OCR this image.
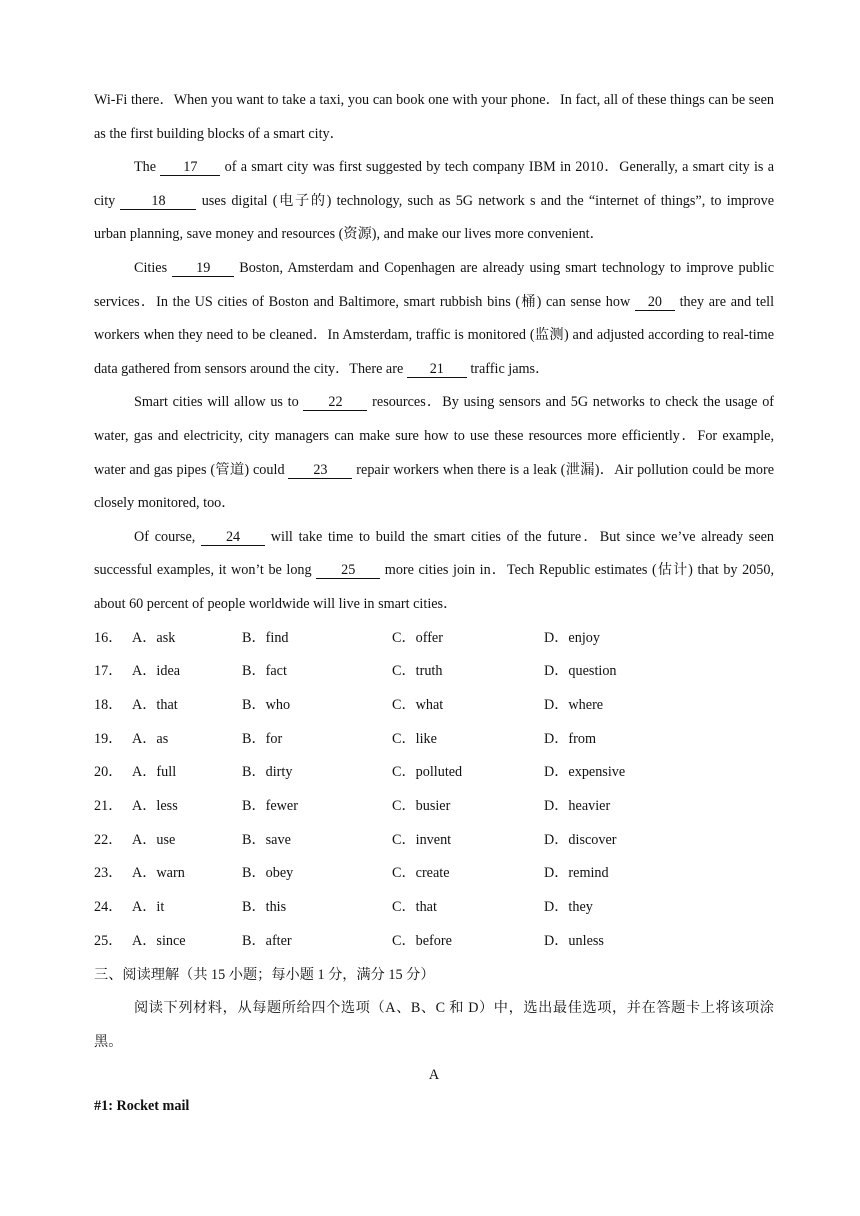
Wi-Fi there．When you want to take a taxi, you can book one with your phone．In fact, all of these things can be seen as the first building blocks of a smart city．

The 17 of a smart city was first suggested by tech company IBM in 2010．Generally, a smart city is a city	18	uses digital (电子的) technology, such as 5G network s and the “internet of things”, to improve urban planning, save money and resources (资源), and make our lives more convenient．

Cities 19 Boston, Amsterdam and Copenhagen are already using smart technology to improve public services．In the US cities of Boston and Baltimore, smart rubbish bins (桶) can sense how 20 they are and tell workers when they need to be cleaned．In Amsterdam, traffic is monitored (监测) and adjusted according to real-time data gathered from sensors around the city．There are 21 traffic jams．

Smart cities will allow us to 22 resources．By using sensors and 5G networks to check the usage of water, gas and electricity, city managers can make sure how to use these resources more efficiently．For example, water and gas pipes (管道) could 23 repair workers when there is a leak (泄漏)．Air pollution could be more closely monitored, too．

Of course, 24 will take time to build the smart cities of the future．But since we’ve already seen successful examples, it won’t be long 25 more cities join in．Tech Republic estimates (估计) that by 2050, about 60 percent of people worldwide will live in smart cities．

16． A．ask	B．find	C．offer	D．enjoy
17． A．idea	B．fact	C．truth	D．question
18． A．that	B．who	C．what	D．where
19． A．as	B．for	C．like	D．from
20． A．full	B．dirty	C．polluted	D．expensive
21． A．less	B．fewer	C．busier	D．heavier
22． A．use	B．save	C．invent	D．discover
23． A．warn	B．obey	C．create	D．remind
24． A．it	B．this	C．that	D．they
25． A．since	B．after	C．before	D．unless

三、阅读理解（共 15 小题；每小题 1 分，满分 15 分）

阅读下列材料，从每题所给四个选项（A、B、C 和 D）中，选出最佳选项，并在答题卡上将该项涂黑。

A

#1: Rocket mail
